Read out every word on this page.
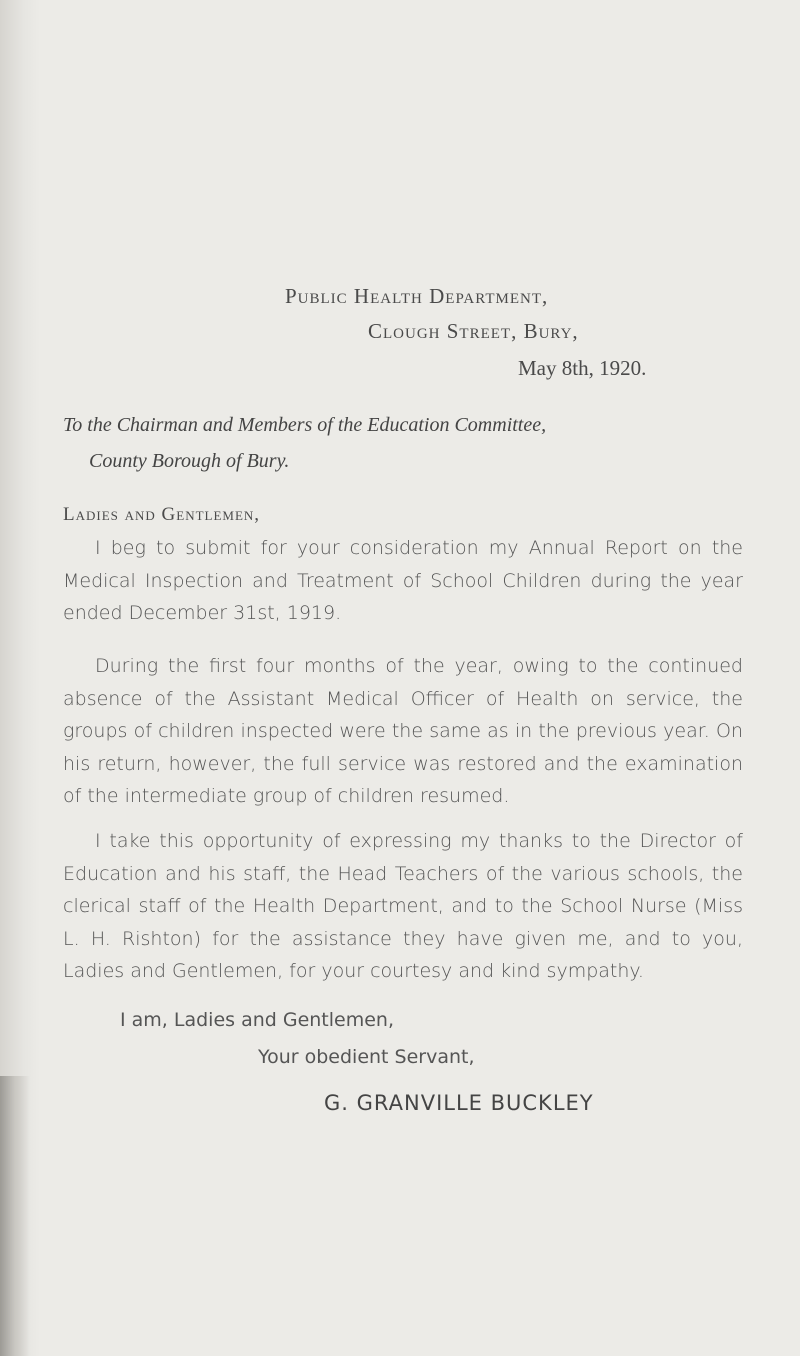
Public Health Department,
Clough Street, Bury,
May 8th, 1920.
To the Chairman and Members of the Education Committee,
County Borough of Bury.
Ladies and Gentlemen,

I beg to submit for your consideration my Annual Report on the Medical Inspection and Treatment of School Children during the year ended December 31st, 1919.

During the first four months of the year, owing to the continued absence of the Assistant Medical Officer of Health on service, the groups of children inspected were the same as in the previous year. On his return, however, the full service was restored and the examination of the intermediate group of children resumed.

I take this opportunity of expressing my thanks to the Director of Education and his staff, the Head Teachers of the various schools, the clerical staff of the Health Department, and to the School Nurse (Miss L. H. Rishton) for the assistance they have given me, and to you, Ladies and Gentlemen, for your courtesy and kind sympathy.

I am, Ladies and Gentlemen,
Your obedient Servant,
G. GRANVILLE BUCKLEY
